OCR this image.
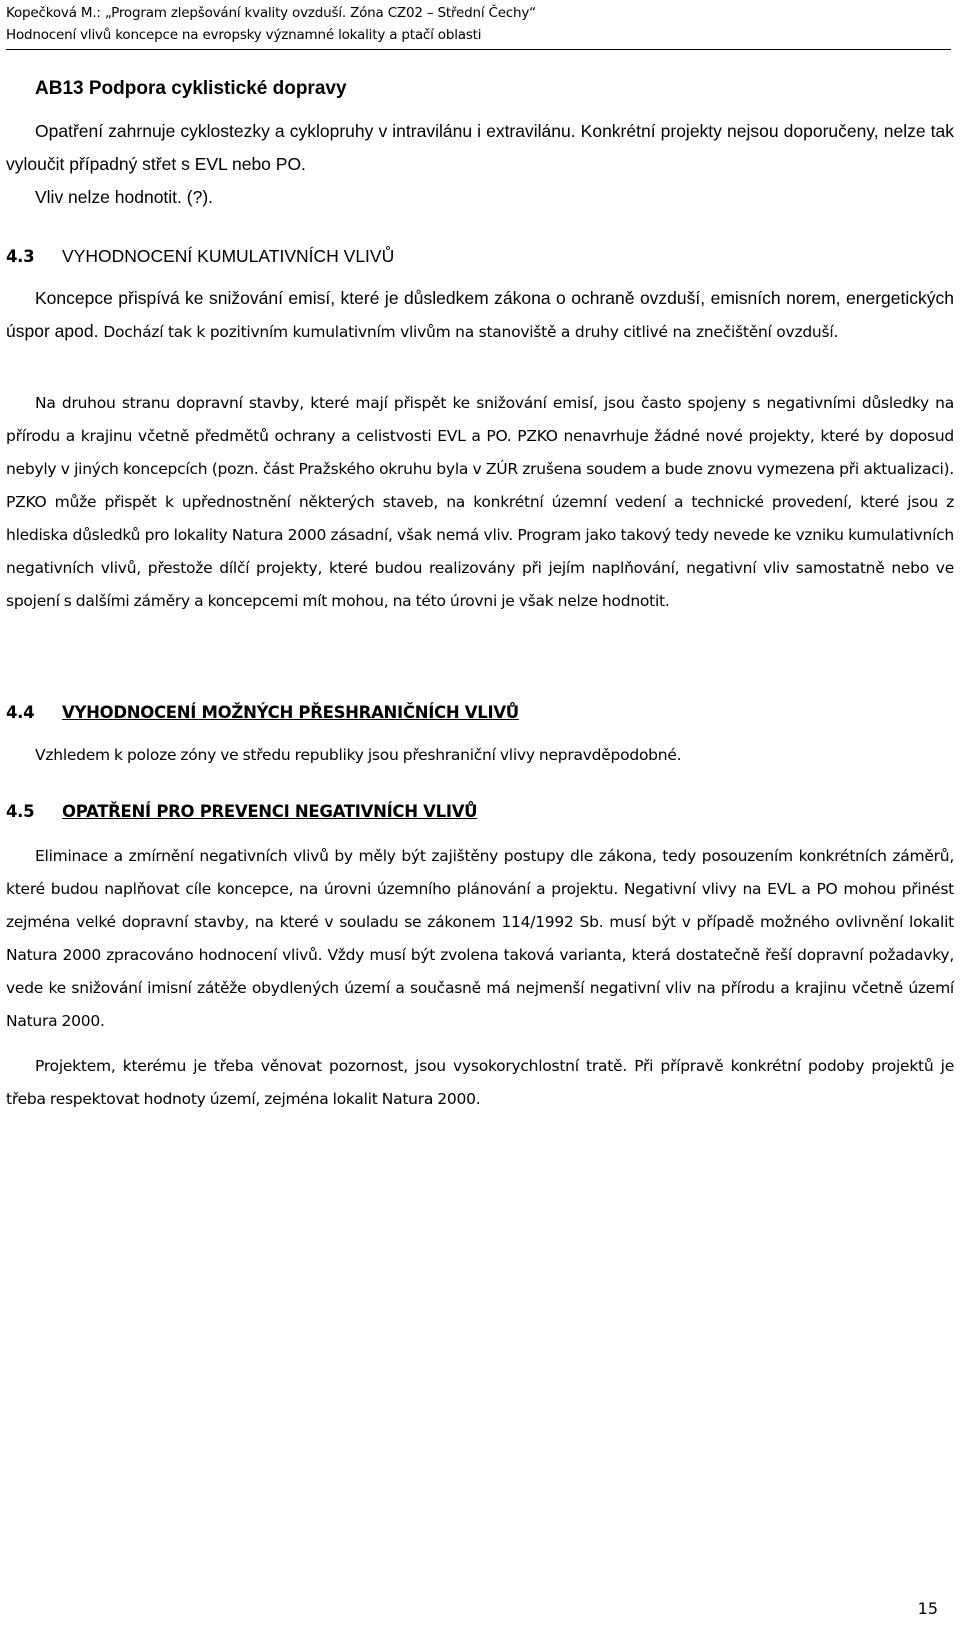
Kopečková M.: „Program zlepšování kvality ovzduší. Zóna CZ02 – Střední Čechy“
Hodnocení vlivů koncepce na evropsky významné lokality a ptačí oblasti
AB13 Podpora cyklistické dopravy

Opatření zahrnuje cyklostezky a cyklopruhy v intravilánu i extravilánu. Konkrétní projekty nejsou doporučeny, nelze tak vyloučit případný střet s EVL nebo PO.

Vliv nelze hodnotit. (?).

4.3 VYHODNOCENÍ KUMULATIVNÍCH VLIVŮ

Koncepce přispívá ke snižování emisí, které je důsledkem zákona o ochraně ovzduší, emisních norem, energetických úspor apod. Dochází tak k pozitivním kumulativním vlivům na stanoviště a druhy citlivé na znečištění ovzduší.

Na druhou stranu dopravní stavby, které mají přispět ke snižování emisí, jsou často spojeny s negativními důsledky na přírodu a krajinu včetně předmětů ochrany a celistvosti EVL a PO. PZKO nenavrhuje žádné nové projekty, které by doposud nebyly v jiných koncepcích (pozn. část Pražského okruhu byla v ZÚR zrušena soudem a bude znovu vymezena při aktualizaci). PZKO může přispět k upřednostnění některých staveb, na konkrétní územní vedení a technické provedení, které jsou z hlediska důsledků pro lokality Natura 2000 zásadní, však nemá vliv. Program jako takový tedy nevede ke vzniku kumulativních negativních vlivů, přestože dílčí projekty, které budou realizovány při jejím naplňování, negativní vliv samostatně nebo ve spojení s dalšími záměry a koncepcemi mít mohou, na této úrovni je však nelze hodnotit.

4.4 VYHODNOCENÍ MOŽNÝCH PŘESHRANIČNÍCH VLIVŮ

Vzhledem k poloze zóny ve středu republiky jsou přeshraniční vlivy nepravděpodobné.

4.5 OPATŘENÍ PRO PREVENCI NEGATIVNÍCH VLIVŮ

Eliminace a zmírnění negativních vlivů by měly být zajištěny postupy dle zákona, tedy posouzením konkrétních záměrů, které budou naplňovat cíle koncepce, na úrovni územního plánování a projektu. Negativní vlivy na EVL a PO mohou přinést zejména velké dopravní stavby, na které v souladu se zákonem 114/1992 Sb. musí být v případě možného ovlivnění lokalit Natura 2000 zpracováno hodnocení vlivů. Vždy musí být zvolena taková varianta, která dostatečně řeší dopravní požadavky, vede ke snižování imisní zátěže obydlených území a současně má nejmenší negativní vliv na přírodu a krajinu včetně území Natura 2000.

Projektem, kterému je třeba věnovat pozornost, jsou vysokorychlostní tratě. Při přípravě konkrétní podoby projektů je třeba respektovat hodnoty území, zejména lokalit Natura 2000.

15
